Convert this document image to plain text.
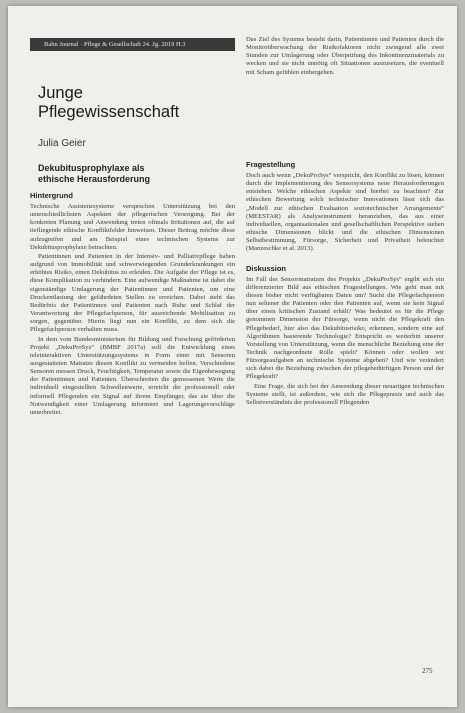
Bahn Journal · Pflege & Gesellschaft 24. Jg. 2019 H.3
Junge
Pflegewissenschaft
Julia Geier
Dekubitusprophylaxe als
ethische Herausforderung
Hintergrund

Technische Assistenzsysteme versprechen Unterstützung bei den unterschiedlichsten Aspekten der pflegerischen Versorgung. Bei der konkreten Planung und Anwendung treten oftmals Irritationen auf, die auf tiefliegende ethische Konfliktfelder hinweisen. Dieser Beitrag möchte diese aufzugreifen und am Beispiel eines technischen Systems zur Dekubitusprophylaxe betrachten.

Patientinnen und Patienten in der Intensiv- und Palliativpflege haben aufgrund von Immobilität und schwerwiegenden Grunderkrankungen ein erhöhtes Risiko, einen Dekubitus zu erleiden. Die Aufgabe der Pflege ist es, diese Komplikation zu verhindern. Eine aufwendige Maßnahme ist dabei die eigenständige Umlagerung der Patientinnen und Patienten, um eine Druckentlastung der gefährdeten Stellen zu erreichen. Dabei steht das Bedürfnis der Patientinnen und Patienten nach Ruhe und Schlaf der Verantwortung der Pflegefachperson, für ausreichende Mobilisation zu sorgen, gegenüber. Hierin liegt nun ein Konflikt, zu dem sich die Pflegefachperson verhalten muss.

In dem vom Bundesministerium für Bildung und Forschung geförderten Projekt „DekuProSys“ (BMBF 2017a) soll die Entwicklung eines teleinteraktiven Unterstützungssystems in Form einer mit Sensoren ausgestatteten Matratze diesen Konflikt zu vermeiden helfen. Verschiedene Sensoren messen Druck, Feuchtigkeit, Temperatur sowie die Eigenbewegung der Patientinnen und Patienten. Überschreiten die gemessenen Werte die individuell eingestellten Schwellenwerte, erreicht die professionell oder informell Pflegenden ein Signal auf ihrem Empfänger, das sie über die Notwendigkeit einer Umlagerung informiert und Lagerungsvorschläge unterbreitet.

Das Ziel des Systems besteht darin, Patientinnen und Patienten durch die Monitorüberwachung der Risikofaktoren nicht zwingend alle zwei Stunden zur Umlagerung oder Überprüfung des Inkontinenzmaterials zu wecken und sie nicht unnötig oft Situationen auszusetzen, die eventuell mit Scham gefühlen einhergehen.

Fragestellung

Doch auch wenn „DekuProSys“ verspricht, den Konflikt zu lösen, können durch die Implementierung des Sensorsystems neue Herausforderungen entstehen. Welche ethischen Aspekte sind hierbei zu beachten? Zur ethischen Bewertung solch technischer Innovationen lässt sich das „Modell zur ethischen Evaluation soziotechnischer Arrangements“ (MEESTAR) als Analyseinstrument heranziehen, das aus einer individuellen, organisationalen und gesellschaftlichen Perspektive sieben ethische Dimensionen blickt und die ethischen Dimensionen Selbstbestimmung, Fürsorge, Sicherheit und Privatheit beleuchtet (Manzeschke et al. 2013).

Diskussion

Im Fall des Sensormatratzen des Projekts „DekuProSys“ ergibt sich ein differenzierter Bild aus ethischen Fragestellungen. Wie geht man mit diesen bisher nicht verfügbaren Daten um? Sucht die Pflegefachperson nun seltener die Patienten oder den Patienten auf, wenn sie kein Signal über einen kritischen Zustand erhält? Was bedeutet es für die Pflege genommen Dimension der Fürsorge, wenn nicht die Pflegekraft den Pflegebedarf, hier also das Dekubitusrisiko, erkennen, sondern eine auf Algorithmen basierende Technologie? Entspricht es weiterhin unserer Vorstellung von Unterstützung, wenn die menschliche Beziehung eine der Technik nachgeordnete Rolle spielt? Können oder wollen wir Fürsorgeaufgaben an technische Systeme abgeben? Und wie verändert sich dabei die Beziehung zwischen der pflegebedürftigen Person und der Pflegekraft?

Eine Frage, die sich bei der Anwendung dieser neuartigen technischen Systeme stellt, ist außerdem, wie sich die Pflegepraxis und auch das Selbstverständnis der professionell Pflegenden

275
